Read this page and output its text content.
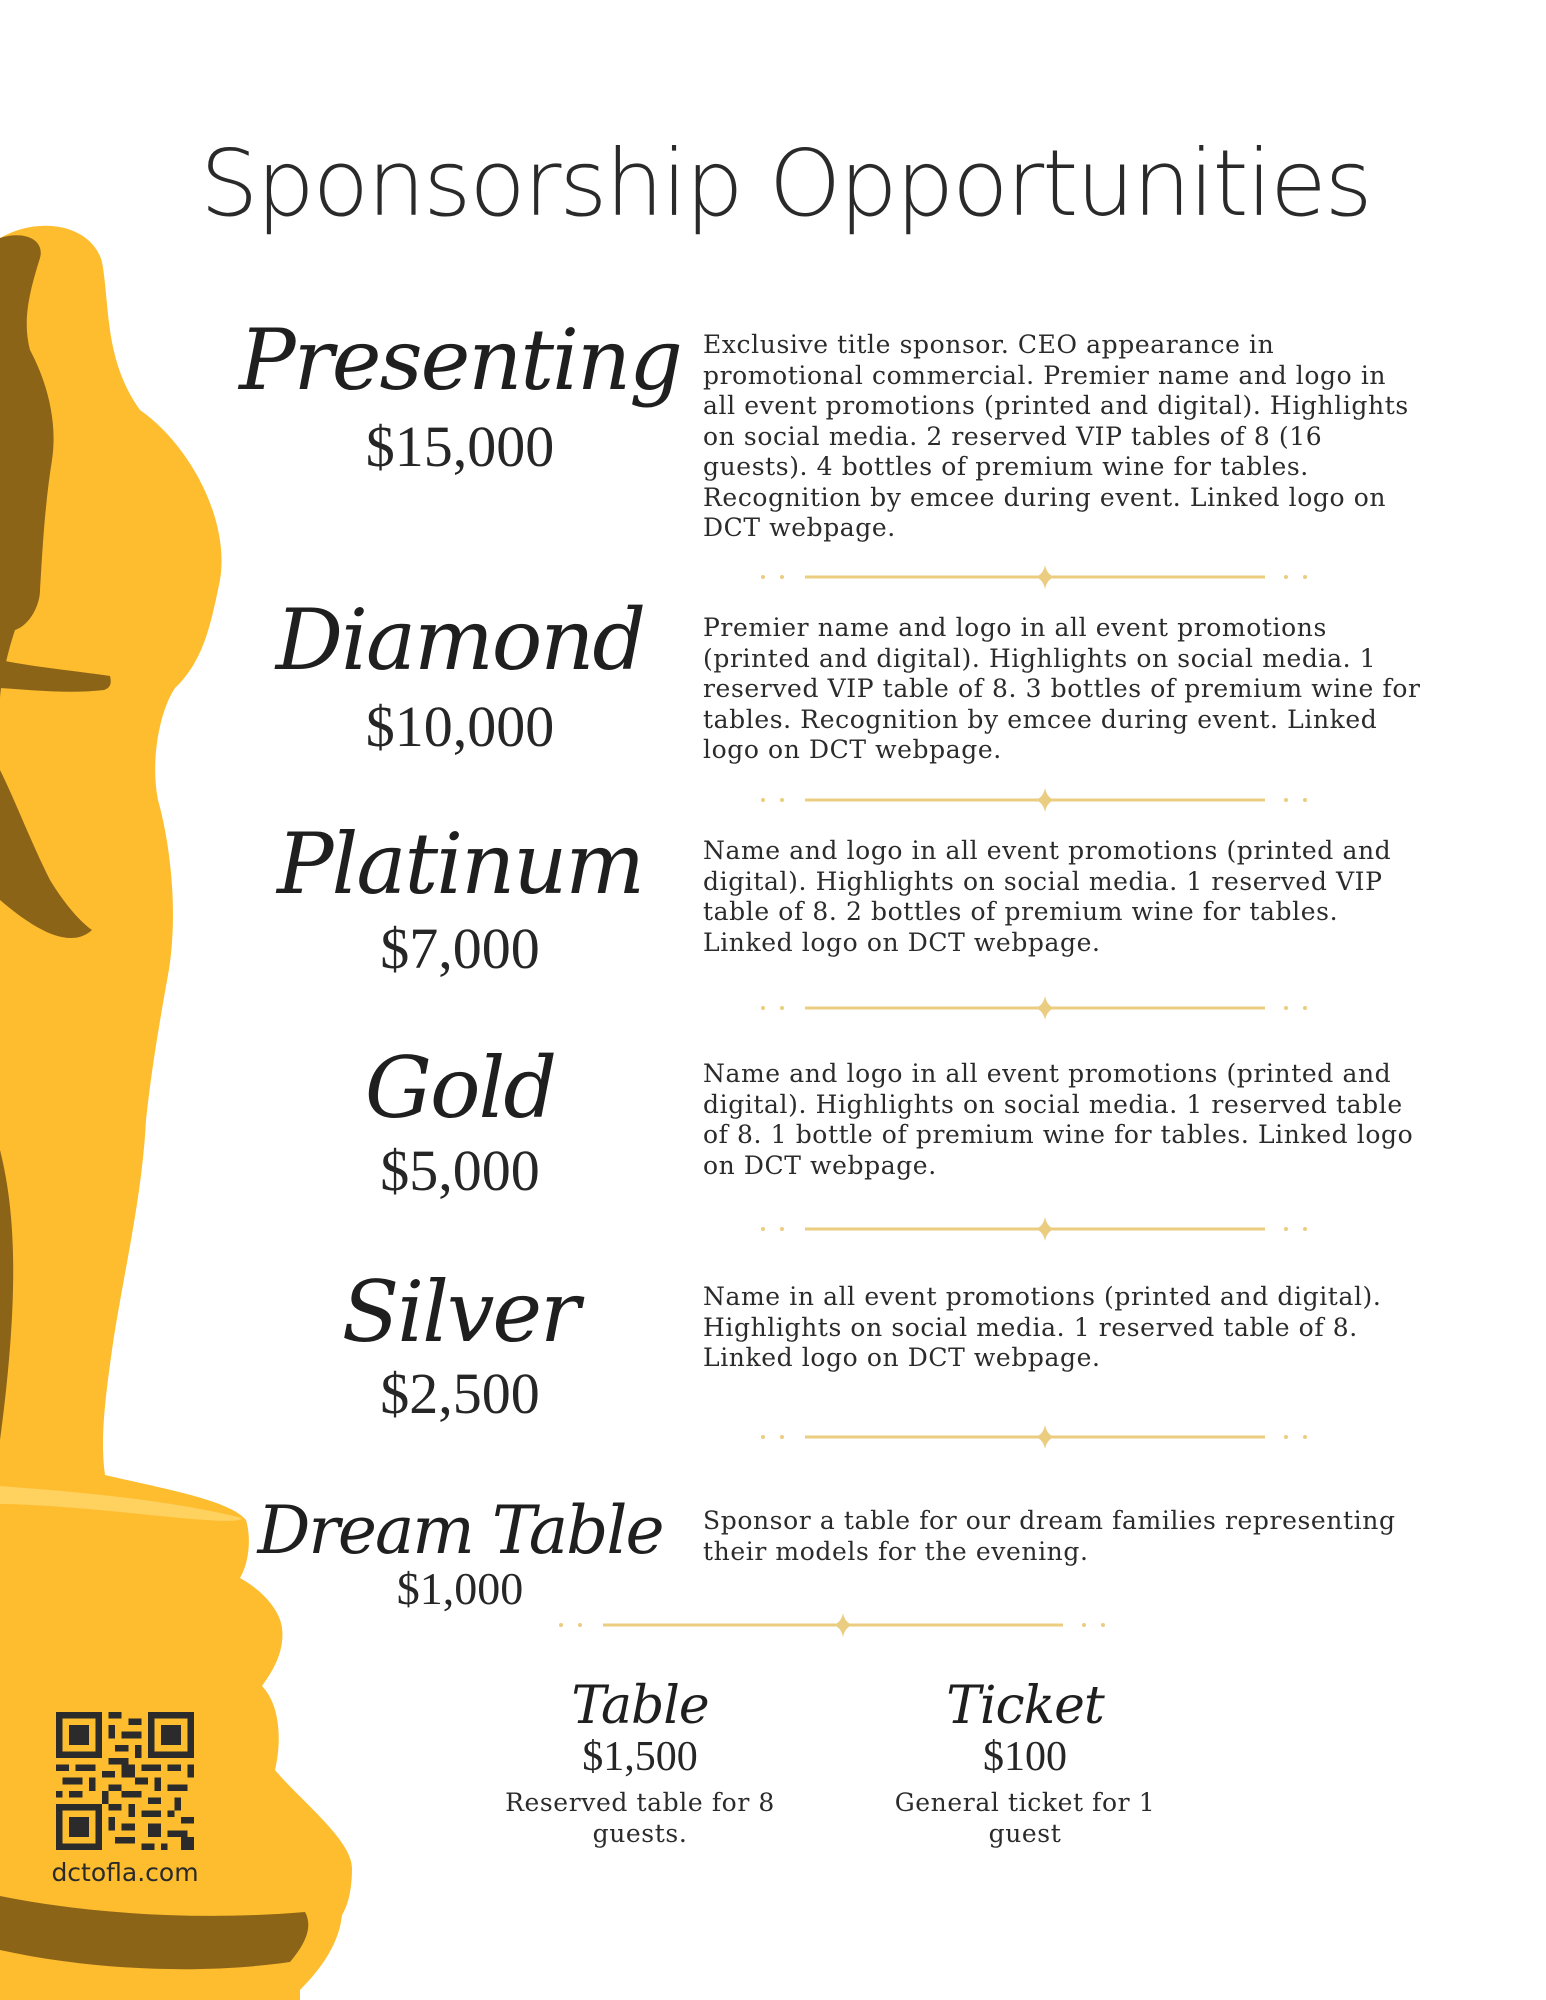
Sponsorship Opportunities
Presenting
$15,000
Exclusive title sponsor. CEO appearance in promotional commercial. Premier name and logo in all event promotions (printed and digital). Highlights on social media. 2 reserved VIP tables of 8 (16 guests). 4 bottles of premium wine for tables. Recognition by emcee during event. Linked logo on DCT webpage.
Diamond
$10,000
Premier name and logo in all event promotions (printed and digital). Highlights on social media. 1 reserved VIP table of 8. 3 bottles of premium wine for tables. Recognition by emcee during event. Linked logo on DCT webpage.
Platinum
$7,000
Name and logo in all event promotions (printed and digital). Highlights on social media. 1 reserved VIP table of 8. 2 bottles of premium wine for tables. Linked logo on DCT webpage.
Gold
$5,000
Name and logo in all event promotions (printed and digital). Highlights on social media. 1 reserved table of 8. 1 bottle of premium wine for tables. Linked logo on DCT webpage.
Silver
$2,500
Name in all event promotions (printed and digital). Highlights on social media. 1 reserved table of 8. Linked logo on DCT webpage.
Dream Table
$1,000
Sponsor a table for our dream families representing their models for the evening.
Table
$1,500
Reserved table for 8 guests.
Ticket
$100
General ticket for 1 guest
dctofla.com
